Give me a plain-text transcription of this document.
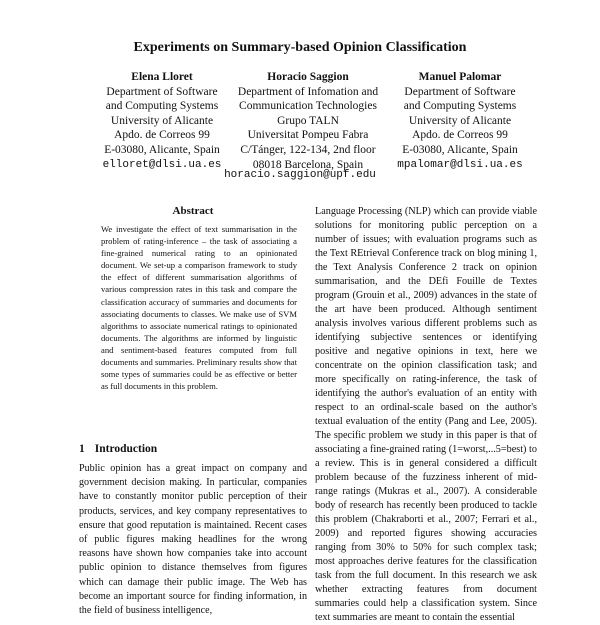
Experiments on Summary-based Opinion Classification
Elena Lloret
Department of Software
and Computing Systems
University of Alicante
Apdo. de Correos 99
E-03080, Alicante, Spain
elloret@dlsi.ua.es
Horacio Saggion
Department of Infomation and
Communication Technologies
Grupo TALN
Universitat Pompeu Fabra
C/Tánger, 122-134, 2nd floor
08018 Barcelona, Spain
Manuel Palomar
Department of Software
and Computing Systems
University of Alicante
Apdo. de Correos 99
E-03080, Alicante, Spain
mpalomar@dlsi.ua.es
horacio.saggion@upf.edu
Abstract

We investigate the effect of text summarisation in the problem of rating-inference – the task of associating a fine-grained numerical rating to an opinionated document. We set-up a comparison framework to study the effect of different summarisation algorithms of various compression rates in this task and compare the classification accuracy of summaries and documents for associating documents to classes. We make use of SVM algorithms to associate numerical ratings to opinionated documents. The algorithms are informed by linguistic and sentiment-based features computed from full documents and summaries. Preliminary results show that some types of summaries could be as effective or better as full documents in this problem.

1 Introduction

Public opinion has a great impact on company and government decision making. In particular, companies have to constantly monitor public perception of their products, services, and key company representatives to ensure that good reputation is maintained. Recent cases of public figures making headlines for the wrong reasons have shown how companies take into account public opinion to distance themselves from figures which can damage their public image. The Web has become an important source for finding information, in the field of business intelligence,

Language Processing (NLP) which can provide viable solutions for monitoring public perception on a number of issues; with evaluation programs such as the Text REtrieval Conference track on blog mining 1, the Text Analysis Conference 2 track on opinion summarisation, and the DEfi Fouille de Textes program (Grouin et al., 2009) advances in the state of the art have been produced. Although sentiment analysis involves various different problems such as identifying subjective sentences or identifying positive and negative opinions in text, here we concentrate on the opinion classification task; and more specifically on rating-inference, the task of identifying the author's evaluation of an entity with respect to an ordinal-scale based on the author's textual evaluation of the entity (Pang and Lee, 2005). The specific problem we study in this paper is that of associating a fine-grained rating (1=worst,...5=best) to a review. This is in general considered a difficult problem because of the fuzziness inherent of mid-range ratings (Mukras et al., 2007). A considerable body of research has recently been produced to tackle this problem (Chakraborti et al., 2007; Ferrari et al., 2009) and reported figures showing accuracies ranging from 30% to 50% for such complex task; most approaches derive features for the classification task from the full document. In this research we ask whether extracting features from document summaries could help a classification system. Since text summaries are meant to contain the essential
